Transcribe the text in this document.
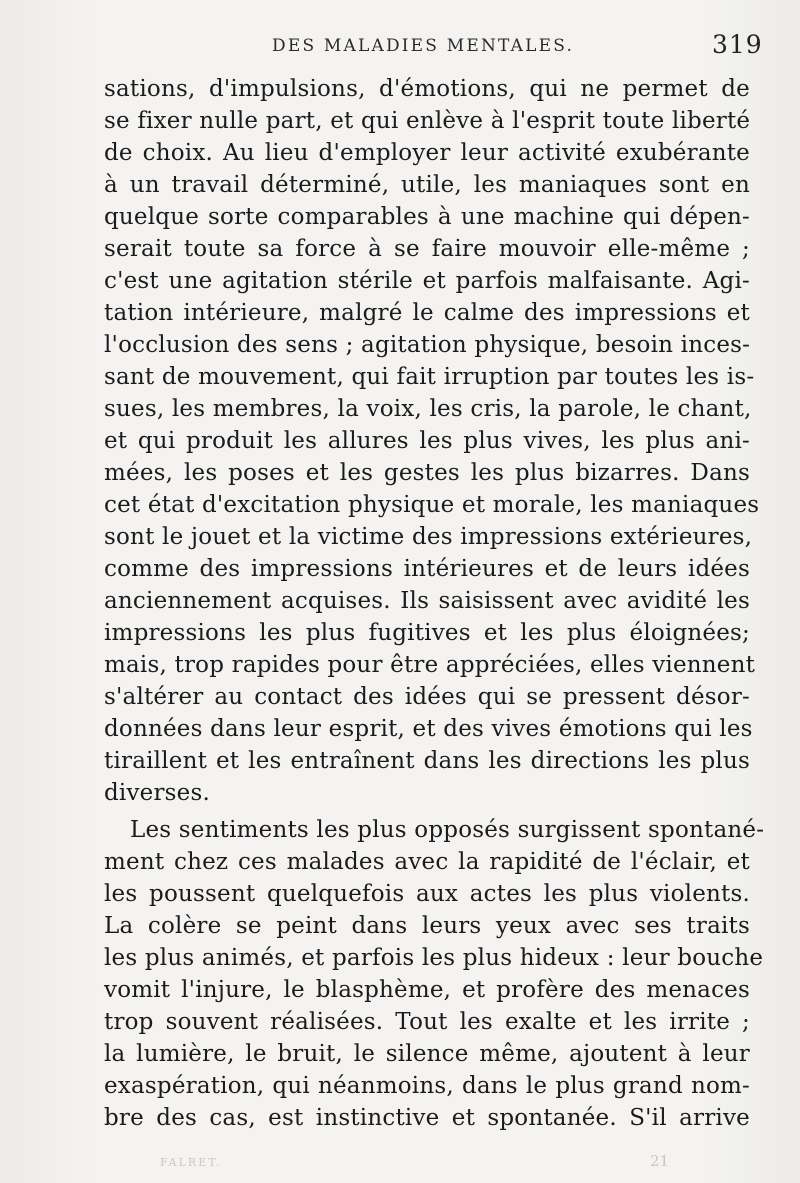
DES MALADIES MENTALES.	319
sations, d'impulsions, d'émotions, qui ne permet de
se fixer nulle part, et qui enlève à l'esprit toute liberté
de choix. Au lieu d'employer leur activité exubérante
à un travail déterminé, utile, les maniaques sont en
quelque sorte comparables à une machine qui dépen-
serait toute sa force à se faire mouvoir elle-même ;
c'est une agitation stérile et parfois malfaisante. Agi-
tation intérieure, malgré le calme des impressions et
l'occlusion des sens ; agitation physique, besoin inces-
sant de mouvement, qui fait irruption par toutes les is-
sues, les membres, la voix, les cris, la parole, le chant,
et qui produit les allures les plus vives, les plus ani-
mées, les poses et les gestes les plus bizarres. Dans
cet état d'excitation physique et morale, les maniaques
sont le jouet et la victime des impressions extérieures,
comme des impressions intérieures et de leurs idées
anciennement acquises. Ils saisissent avec avidité les
impressions les plus fugitives et les plus éloignées;
mais, trop rapides pour être appréciées, elles viennent
s'altérer au contact des idées qui se pressent désor-
données dans leur esprit, et des vives émotions qui les
tiraillent et les entraînent dans les directions les plus
diverses.
Les sentiments les plus opposés surgissent spontané-
ment chez ces malades avec la rapidité de l'éclair, et
les poussent quelquefois aux actes les plus violents.
La colère se peint dans leurs yeux avec ses traits
les plus animés, et parfois les plus hideux : leur bouche
vomit l'injure, le blasphème, et profère des menaces
trop souvent réalisées. Tout les exalte et les irrite ;
la lumière, le bruit, le silence même, ajoutent à leur
exaspération, qui néanmoins, dans le plus grand nom-
bre des cas, est instinctive et spontanée. S'il arrive
FALRET.	21
